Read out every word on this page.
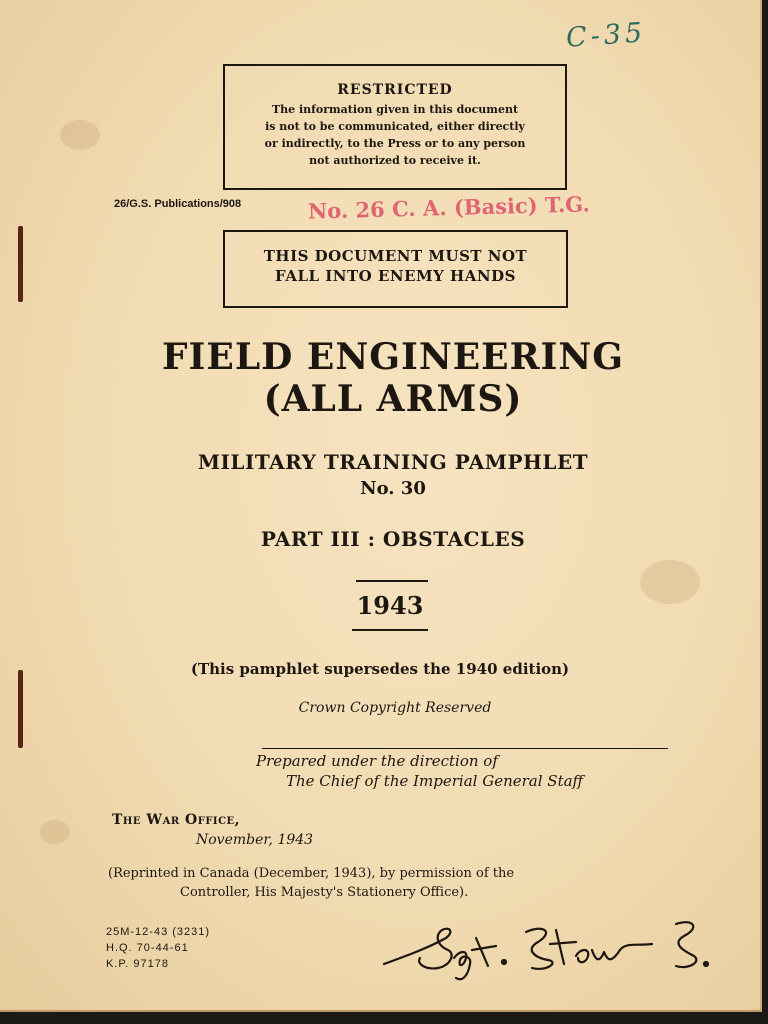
C-35
RESTRICTED
The information given in this document
is not to be communicated, either directly
or indirectly, to the Press or to any person
not authorized to receive it.
26/G.S. Publications/908	No. 26 C. A. (Basic) T.G.
THIS DOCUMENT MUST NOT
FALL INTO ENEMY HANDS
FIELD ENGINEERING
(ALL ARMS)
MILITARY TRAINING PAMPHLET
No. 30
PART III : OBSTACLES
1943
(This pamphlet supersedes the 1940 edition)
Crown Copyright Reserved
Prepared under the direction of
The Chief of the Imperial General Staff
The War Office,
November, 1943
(Reprinted in Canada (December, 1943), by permission of the
Controller, His Majesty's Stationery Office).
25M-12-43 (3231)
H.Q. 70-44-61
K.P. 97178
